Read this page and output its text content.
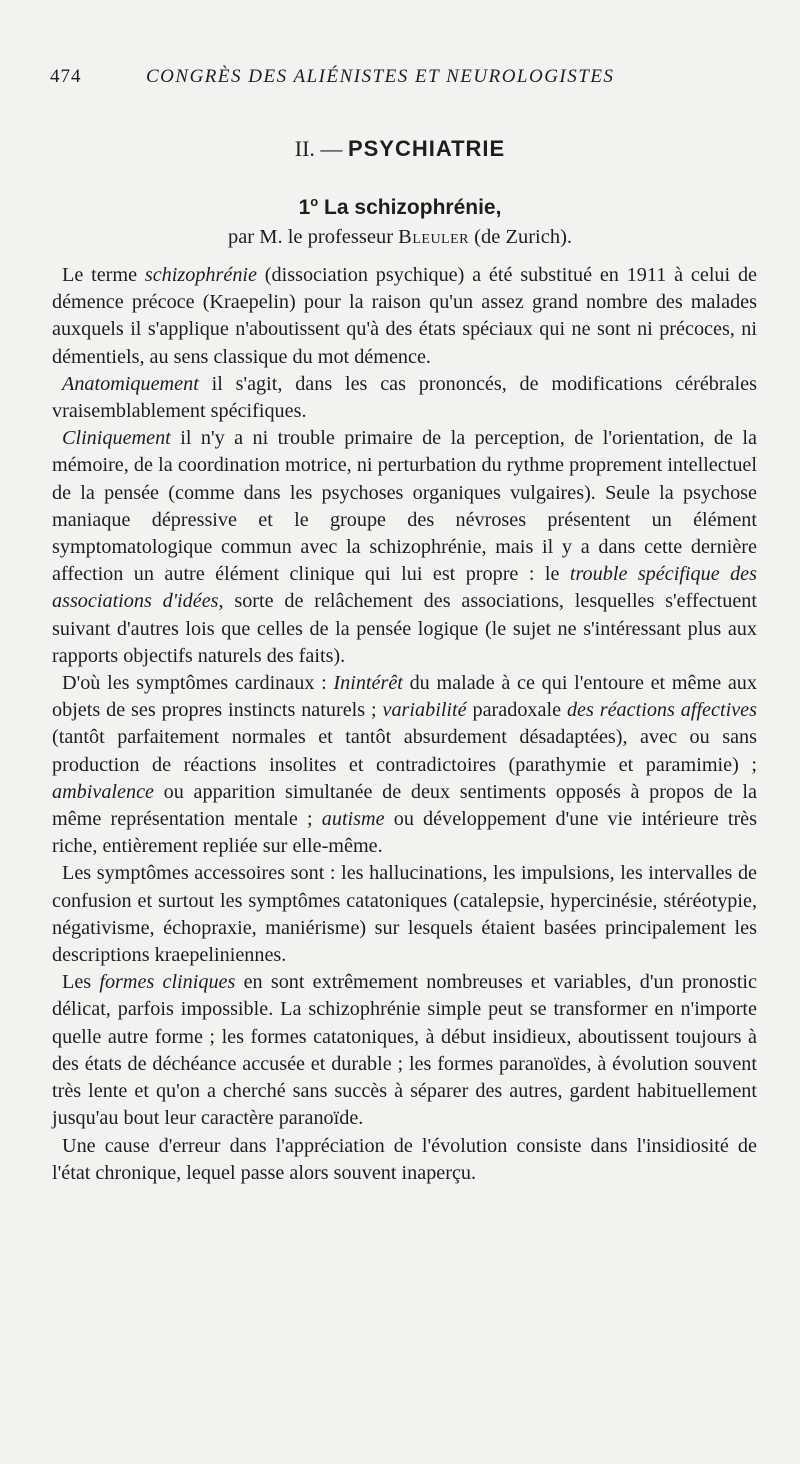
474	CONGRÈS DES ALIÉNISTES ET NEUROLOGISTES
II. — PSYCHIATRIE
1$^o$ La schizophrénie,
par M. le professeur Bleuler (de Zurich).

Le terme schizophrénie (dissociation psychique) a été substitué en 1911 à celui de démence précoce (Kraepelin) pour la raison qu'un assez grand nombre des malades auxquels il s'applique n'aboutissent qu'à des états spéciaux qui ne sont ni précoces, ni démentiels, au sens classique du mot démence.

Anatomiquement il s'agit, dans les cas prononcés, de modifications cérébrales vraisemblablement spécifiques.

Cliniquement il n'y a ni trouble primaire de la perception, de l'orientation, de la mémoire, de la coordination motrice, ni perturbation du rythme proprement intellectuel de la pensée (comme dans les psychoses organiques vulgaires). Seule la psychose maniaque dépressive et le groupe des névroses présentent un élément symptomatologique commun avec la schizophrénie, mais il y a dans cette dernière affection un autre élément clinique qui lui est propre : le trouble spécifique des associations d'idées, sorte de relâchement des associations, lesquelles s'effectuent suivant d'autres lois que celles de la pensée logique (le sujet ne s'intéressant plus aux rapports objectifs naturels des faits).

D'où les symptômes cardinaux : Inintérêt du malade à ce qui l'entoure et même aux objets de ses propres instincts naturels ; variabilité paradoxale des réactions affectives (tantôt parfaitement normales et tantôt absurdement désadaptées), avec ou sans production de réactions insolites et contradictoires (parathymie et paramimie) ; ambivalence ou apparition simultanée de deux sentiments opposés à propos de la même représentation mentale ; autisme ou développement d'une vie intérieure très riche, entièrement repliée sur elle-même.

Les symptômes accessoires sont : les hallucinations, les impulsions, les intervalles de confusion et surtout les symptômes catatoniques (catalepsie, hypercinésie, stéréotypie, négativisme, échopraxie, maniérisme) sur lesquels étaient basées principalement les descriptions kraepeliniennes.

Les formes cliniques en sont extrêmement nombreuses et variables, d'un pronostic délicat, parfois impossible. La schizophrénie simple peut se transformer en n'importe quelle autre forme ; les formes catatoniques, à début insidieux, aboutissent toujours à des états de déchéance accusée et durable ; les formes paranoïdes, à évolution souvent très lente et qu'on a cherché sans succès à séparer des autres, gardent habituellement jusqu'au bout leur caractère paranoïde.

Une cause d'erreur dans l'appréciation de l'évolution consiste dans l'insidiosité de l'état chronique, lequel passe alors souvent inaperçu.
